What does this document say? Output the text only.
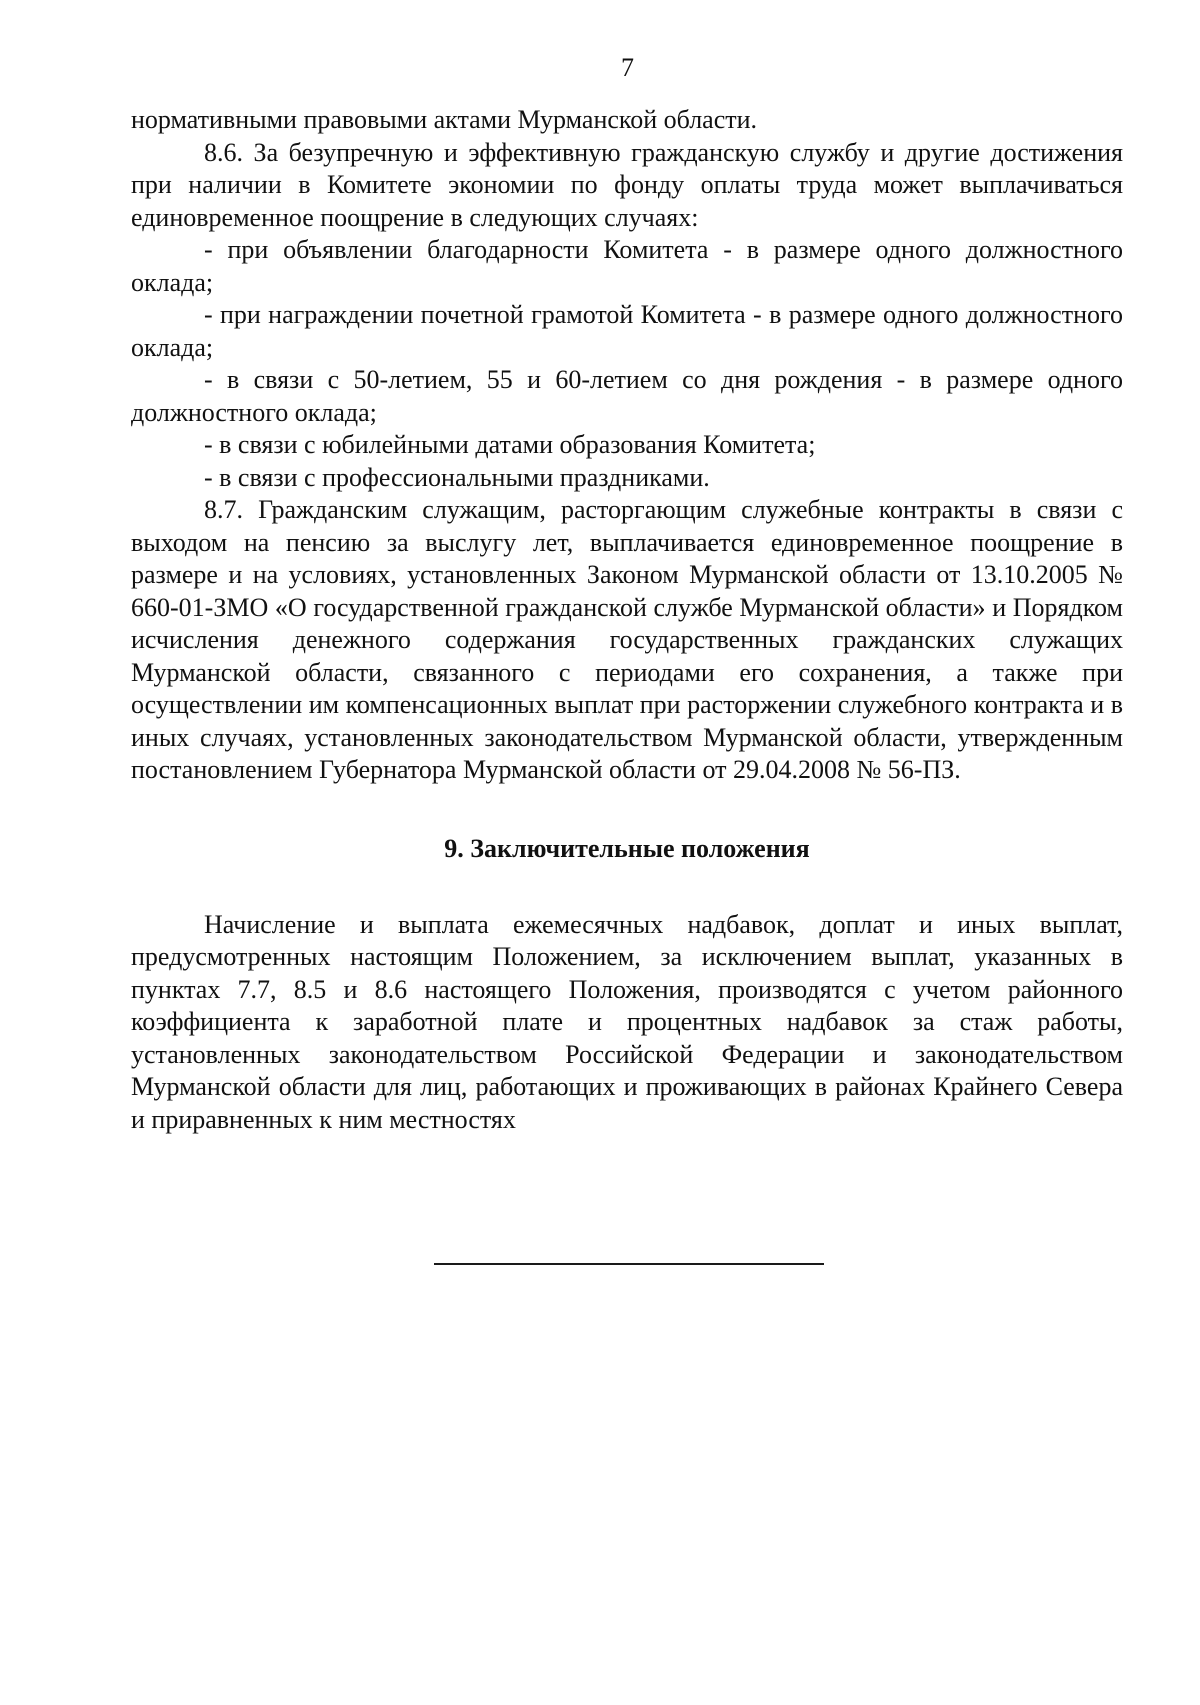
7

нормативными правовыми актами Мурманской области.

8.6. За безупречную и эффективную гражданскую службу и другие достижения при наличии в Комитете экономии по фонду оплаты труда может выплачиваться единовременное поощрение в следующих случаях:

- при объявлении благодарности Комитета - в размере одного должностного оклада;

- при награждении почетной грамотой Комитета - в размере одного должностного оклада;

- в связи с 50-летием, 55 и 60-летием со дня рождения - в размере одного должностного оклада;

- в связи с юбилейными датами образования Комитета;

- в связи с профессиональными праздниками.

8.7. Гражданским служащим, расторгающим служебные контракты в связи с выходом на пенсию за выслугу лет, выплачивается единовременное поощрение в размере и на условиях, установленных Законом Мурманской области от 13.10.2005 № 660-01-ЗМО «О государственной гражданской службе Мурманской области» и Порядком исчисления денежного содержания государственных гражданских служащих Мурманской области, связанного с периодами его сохранения, а также при осуществлении им компенсационных выплат при расторжении служебного контракта и в иных случаях, установленных законодательством Мурманской области, утвержденным постановлением Губернатора Мурманской области от 29.04.2008 № 56-ПЗ.

9. Заключительные положения

Начисление и выплата ежемесячных надбавок, доплат и иных выплат, предусмотренных настоящим Положением, за исключением выплат, указанных в пунктах 7.7, 8.5 и 8.6 настоящего Положения, производятся с учетом районного коэффициента к заработной плате и процентных надбавок за стаж работы, установленных законодательством Российской Федерации и законодательством Мурманской области для лиц, работающих и проживающих в районах Крайнего Севера и приравненных к ним местностях
